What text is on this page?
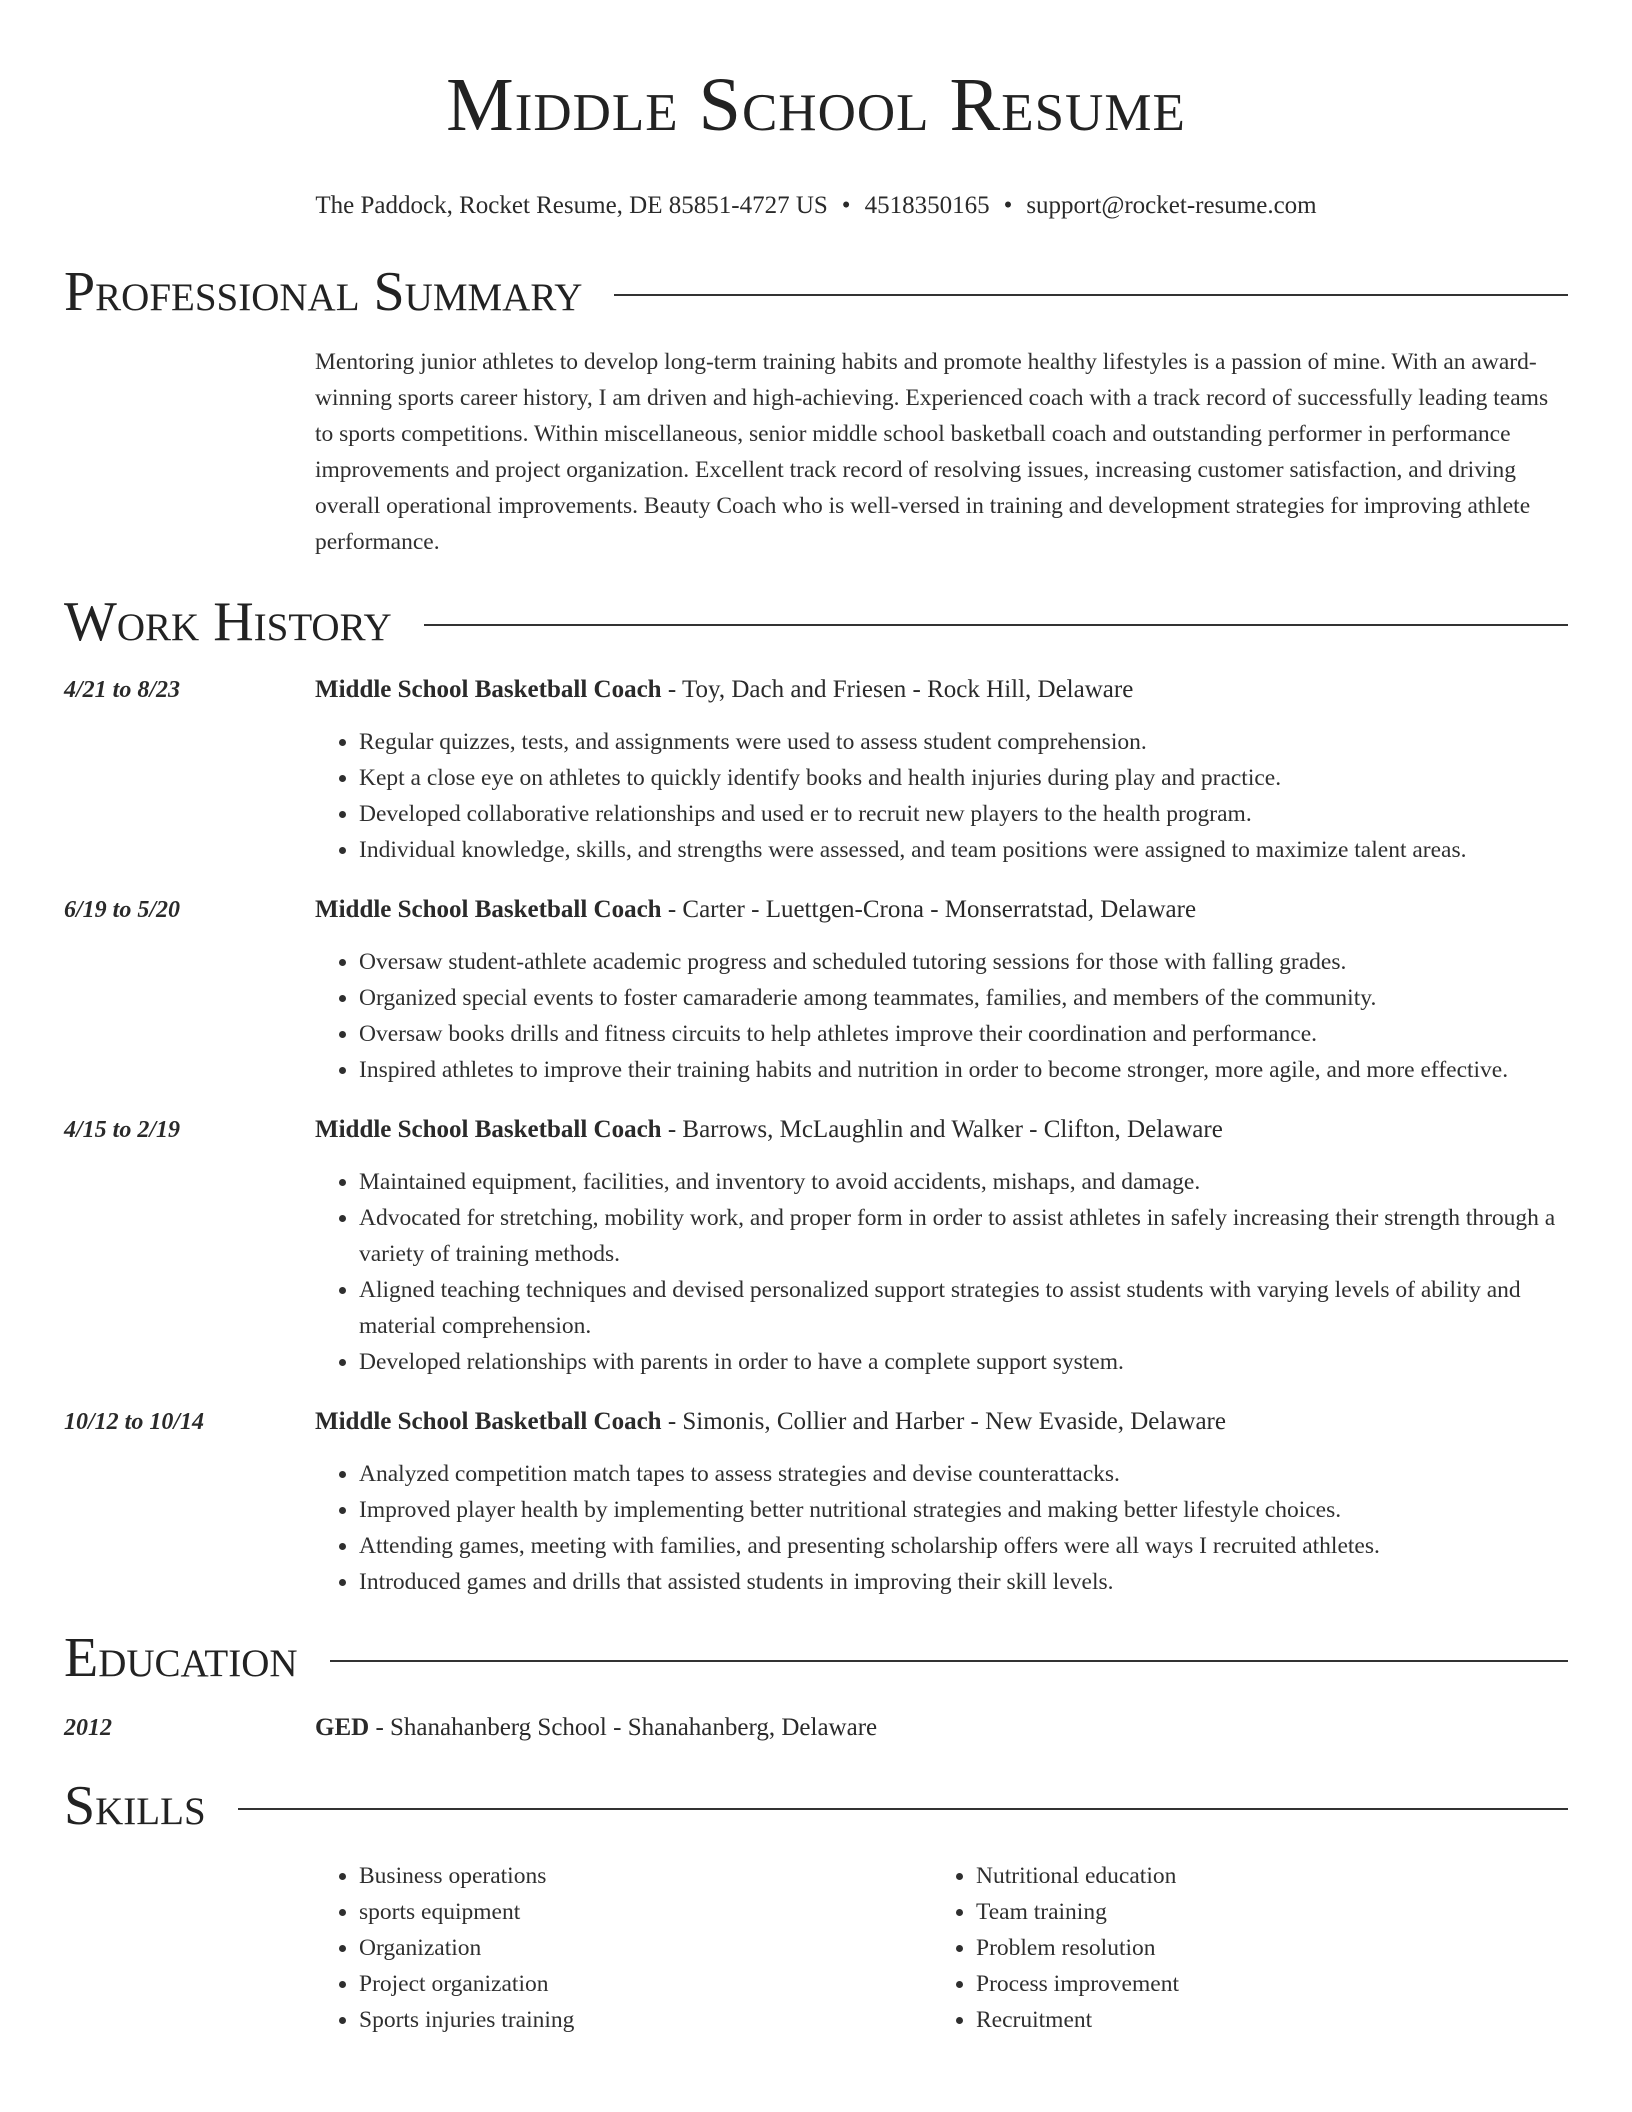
Middle School Resume
The Paddock, Rocket Resume, DE 85851-4727 US • 4518350165 • support@rocket-resume.com
Professional Summary
Mentoring junior athletes to develop long-term training habits and promote healthy lifestyles is a passion of mine. With an award-winning sports career history, I am driven and high-achieving. Experienced coach with a track record of successfully leading teams to sports competitions. Within miscellaneous, senior middle school basketball coach and outstanding performer in performance improvements and project organization. Excellent track record of resolving issues, increasing customer satisfaction, and driving overall operational improvements. Beauty Coach who is well-versed in training and development strategies for improving athlete performance.
Work History
4/21 to 8/23	Middle School Basketball Coach - Toy, Dach and Friesen - Rock Hill, Delaware
• Regular quizzes, tests, and assignments were used to assess student comprehension.
• Kept a close eye on athletes to quickly identify books and health injuries during play and practice.
• Developed collaborative relationships and used er to recruit new players to the health program.
• Individual knowledge, skills, and strengths were assessed, and team positions were assigned to maximize talent areas.
6/19 to 5/20	Middle School Basketball Coach - Carter - Luettgen-Crona - Monserratstad, Delaware
• Oversaw student-athlete academic progress and scheduled tutoring sessions for those with falling grades.
• Organized special events to foster camaraderie among teammates, families, and members of the community.
• Oversaw books drills and fitness circuits to help athletes improve their coordination and performance.
• Inspired athletes to improve their training habits and nutrition in order to become stronger, more agile, and more effective.
4/15 to 2/19	Middle School Basketball Coach - Barrows, McLaughlin and Walker - Clifton, Delaware
• Maintained equipment, facilities, and inventory to avoid accidents, mishaps, and damage.
• Advocated for stretching, mobility work, and proper form in order to assist athletes in safely increasing their strength through a variety of training methods.
• Aligned teaching techniques and devised personalized support strategies to assist students with varying levels of ability and material comprehension.
• Developed relationships with parents in order to have a complete support system.
10/12 to 10/14	Middle School Basketball Coach - Simonis, Collier and Harber - New Evaside, Delaware
• Analyzed competition match tapes to assess strategies and devise counterattacks.
• Improved player health by implementing better nutritional strategies and making better lifestyle choices.
• Attending games, meeting with families, and presenting scholarship offers were all ways I recruited athletes.
• Introduced games and drills that assisted students in improving their skill levels.
Education
2012	GED - Shanahanberg School - Shanahanberg, Delaware
Skills
• Business operations
• sports equipment
• Organization
• Project organization
• Sports injuries training
• Nutritional education
• Team training
• Problem resolution
• Process improvement
• Recruitment
